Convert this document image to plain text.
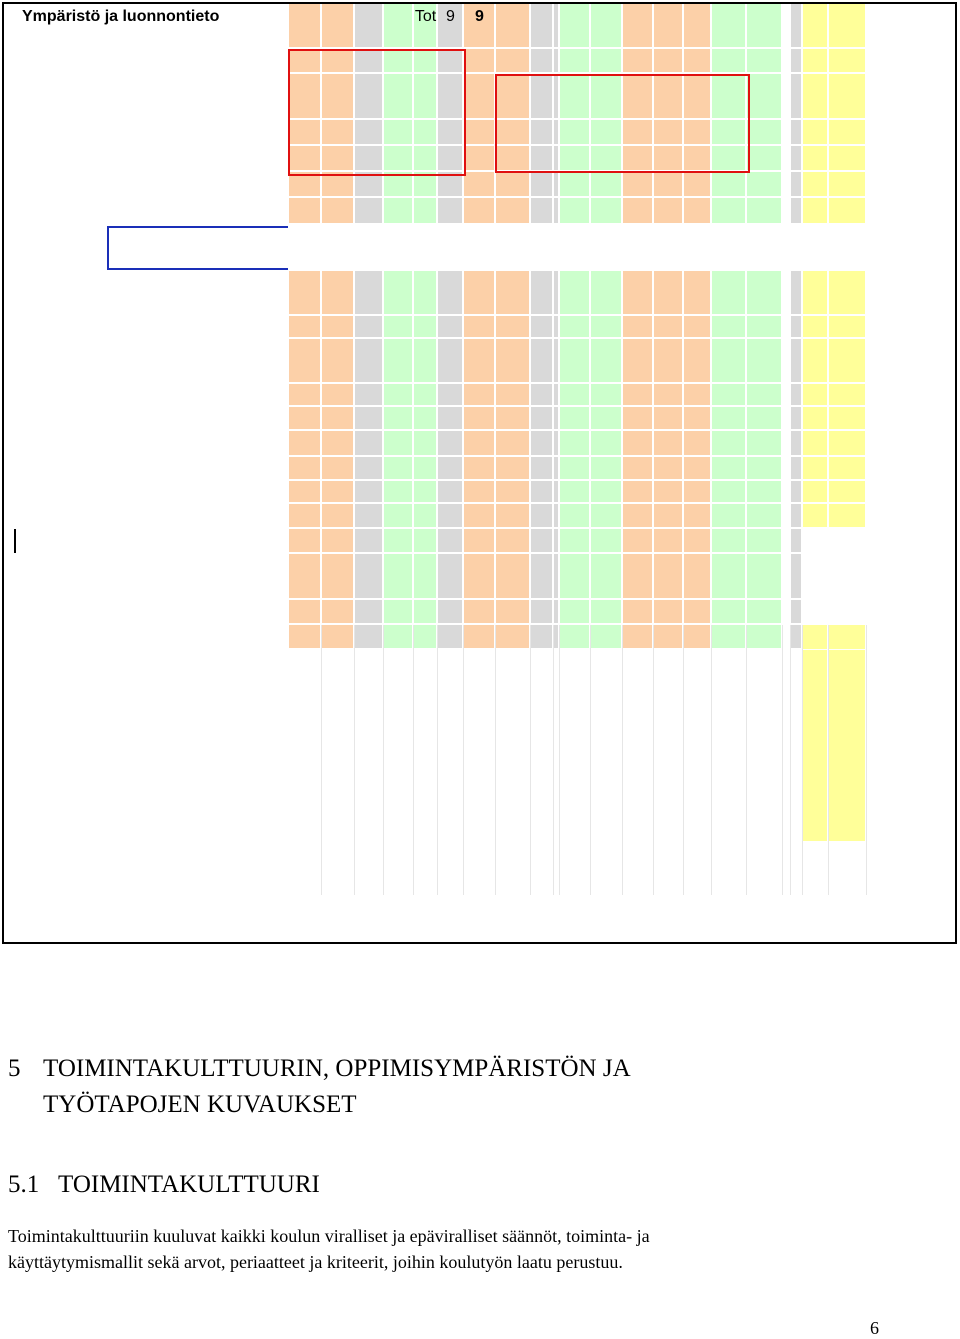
Ympäristö ja luonnontieto	Tot 9 9
5 TOIMINTAKULTTUURIN, OPPIMISYMPÄRISTÖN JA
TYÖTAPOJEN KUVAUKSET
5.1 TOIMINTAKULTTUURI
Toimintakulttuuriin kuuluvat kaikki koulun viralliset ja epäviralliset säännöt, toiminta- ja
käyttäytymismallit sekä arvot, periaatteet ja kriteerit, joihin koulutyön laatu perustuu.
6
